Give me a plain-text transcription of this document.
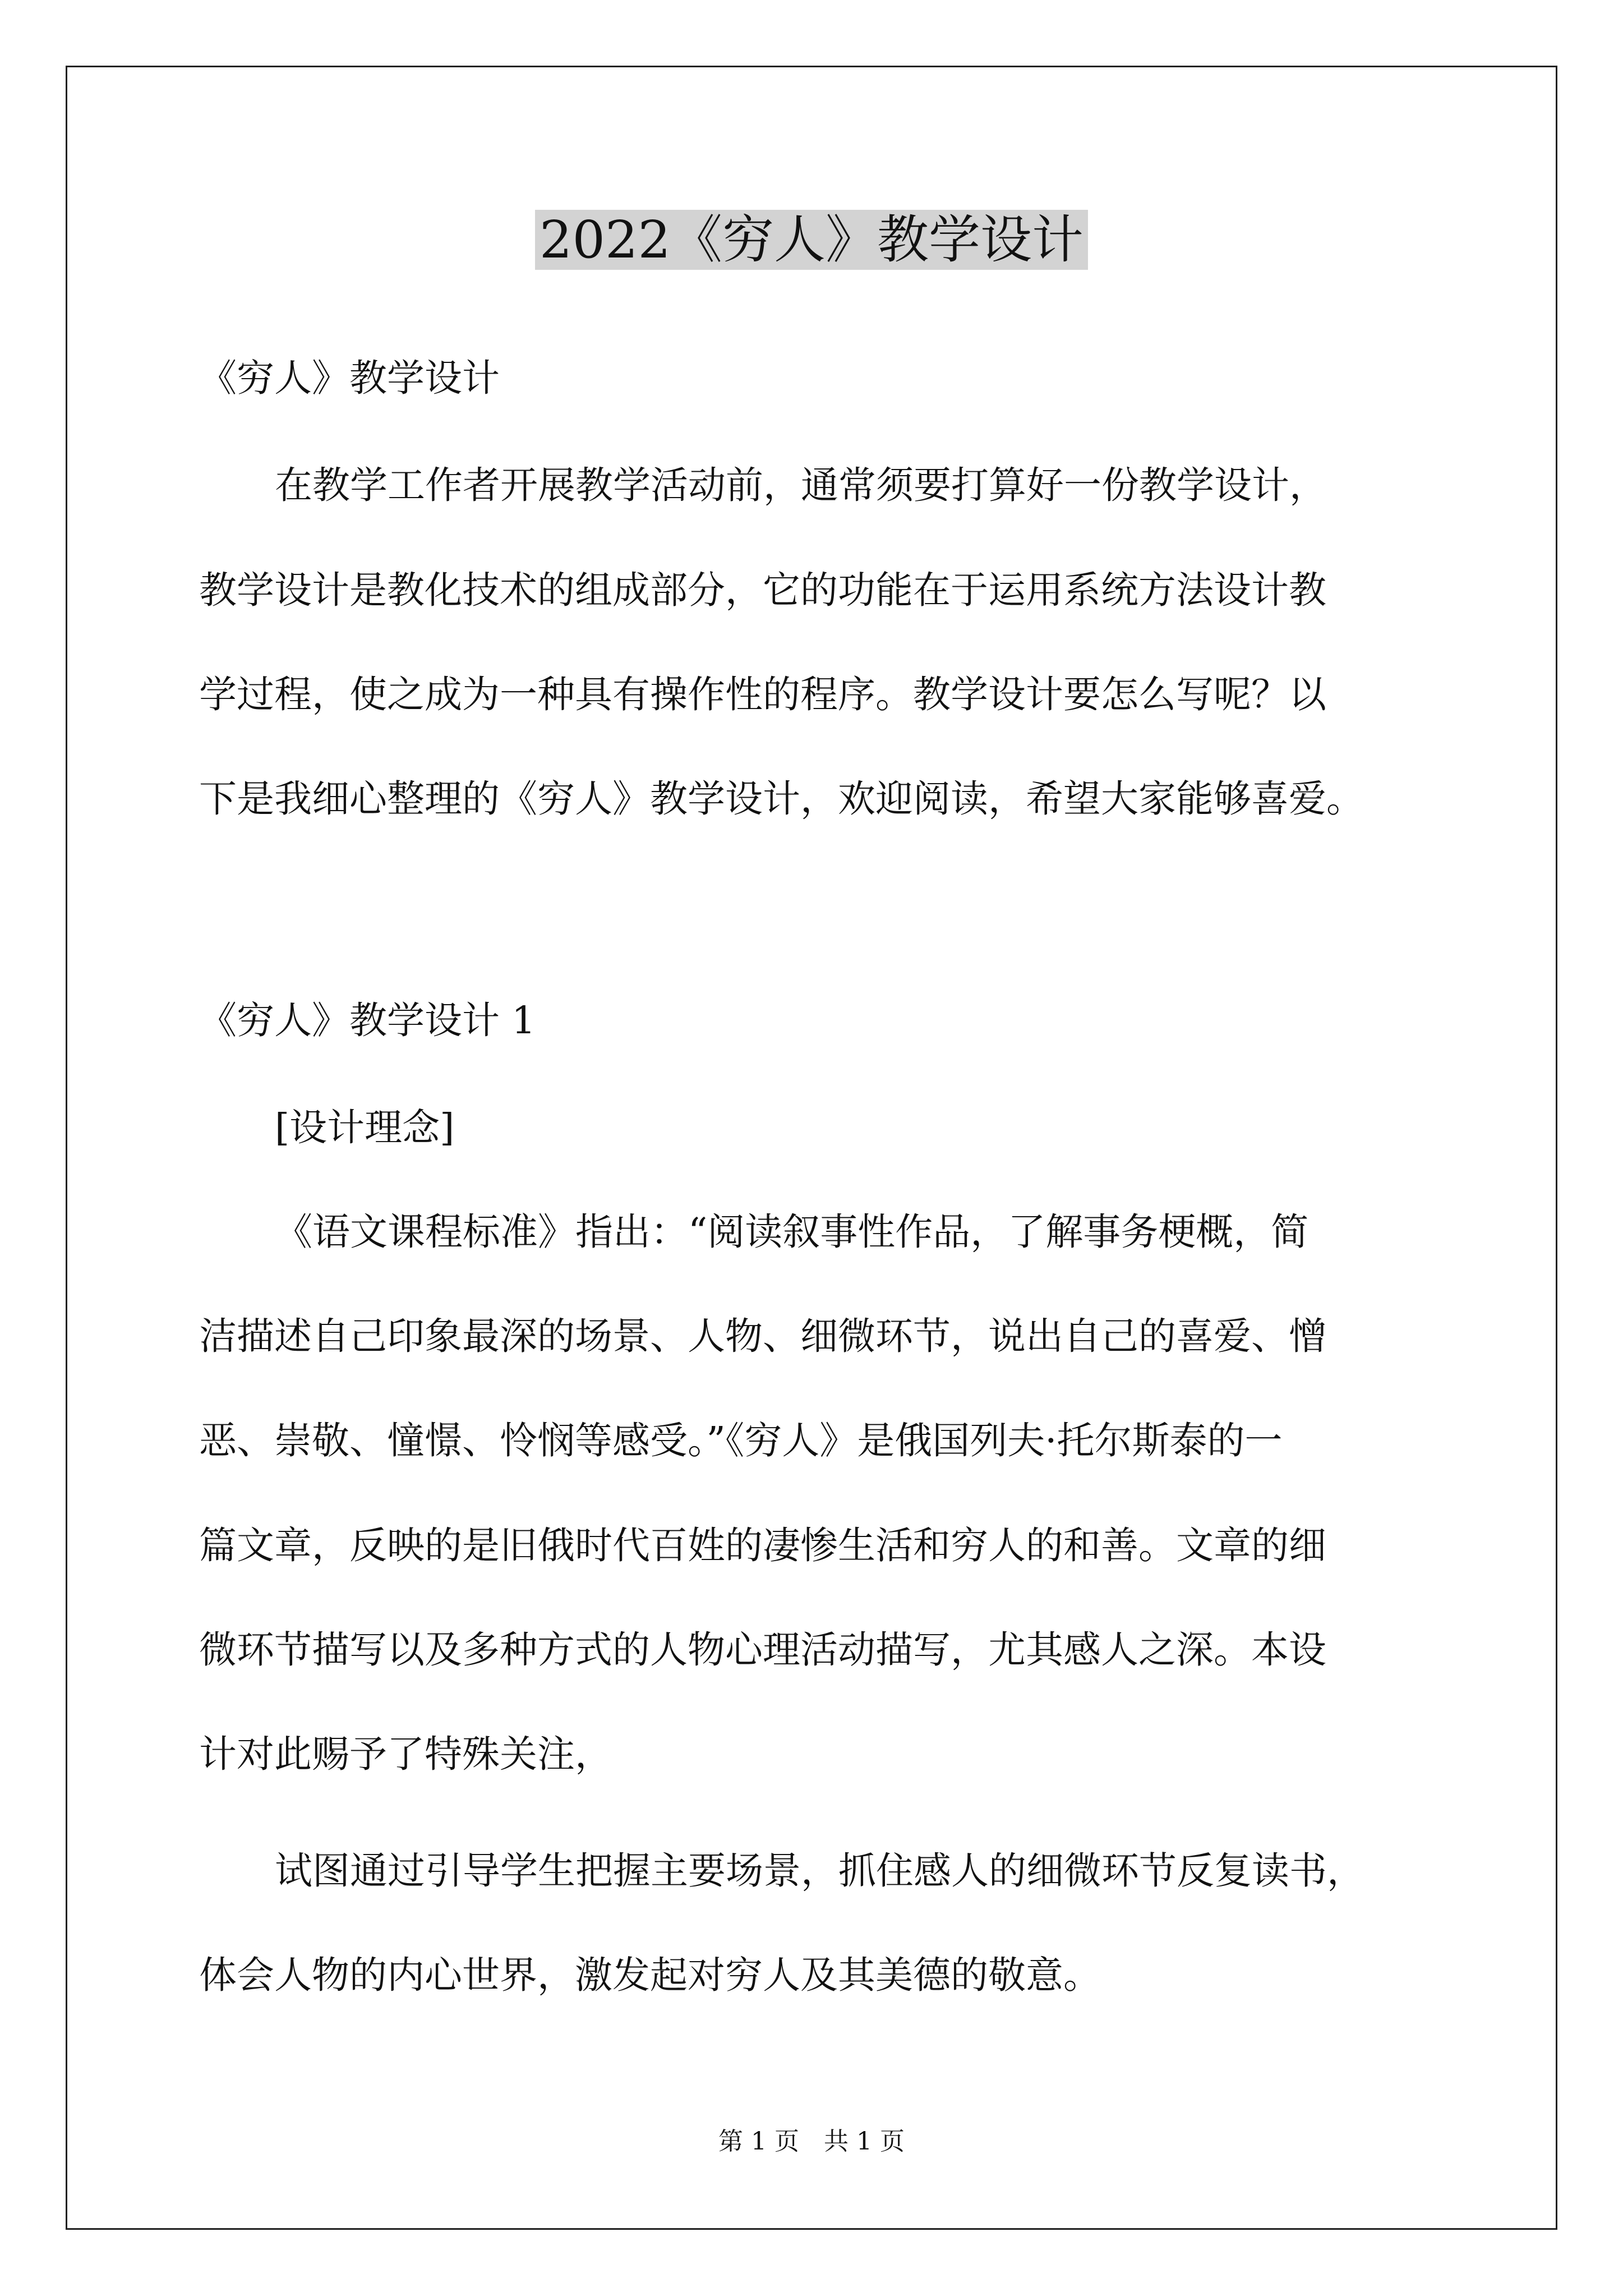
2022《穷人》教学设计

《穷人》教学设计

在教学工作者开展教学活动前，通常须要打算好一份教学设计，

教学设计是教化技术的组成部分，它的功能在于运用系统方法设计教

学过程，使之成为一种具有操作性的程序。教学设计要怎么写呢？以

下是我细心整理的《穷人》教学设计，欢迎阅读，希望大家能够喜爱。

《穷人》教学设计 1

[设计理念]

《语文课程标准》指出：“阅读叙事性作品，了解事务梗概，简

洁描述自己印象最深的场景、人物、细微环节，说出自己的喜爱、憎

恶、崇敬、憧憬、怜悯等感受。”《穷人》是俄国列夫·托尔斯泰的一

篇文章，反映的是旧俄时代百姓的凄惨生活和穷人的和善。文章的细

微环节描写以及多种方式的人物心理活动描写，尤其感人之深。本设

计对此赐予了特殊关注，

试图通过引导学生把握主要场景，抓住感人的细微环节反复读书，

体会人物的内心世界，激发起对穷人及其美德的敬意。

第 1 页　共 1 页
